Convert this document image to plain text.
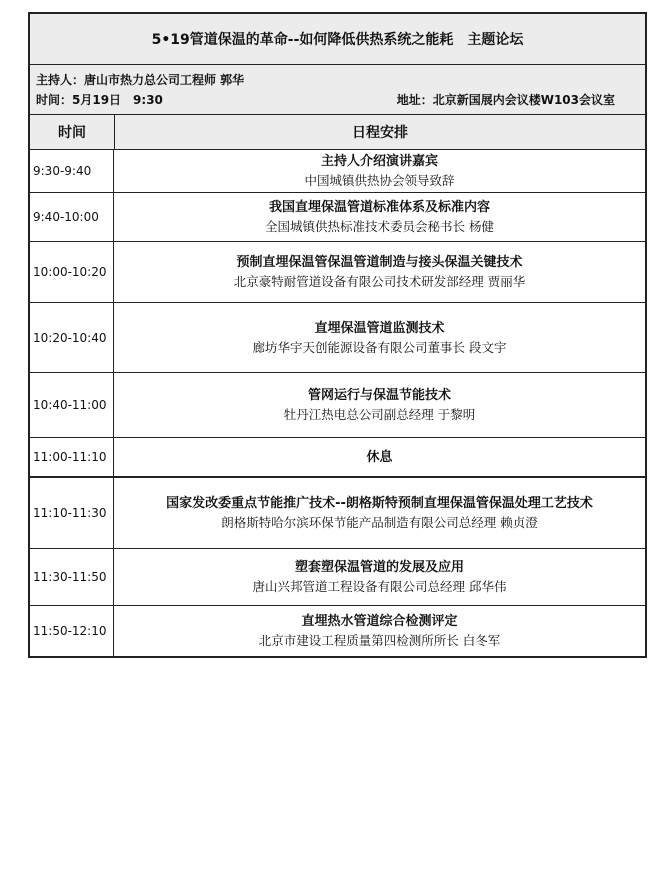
5•19管道保温的革命--如何降低供热系统之能耗　主题论坛
主持人：唐山市热力总公司工程师 郭华
时间：5月19日　9:30	地址：北京新国展内会议楼W103会议室
时间	日程安排
9:30-9:40
主持人介绍演讲嘉宾
中国城镇供热协会领导致辞
9:40-10:00
我国直埋保温管道标准体系及标准内容
全国城镇供热标准技术委员会秘书长 杨健
10:00-10:20
预制直埋保温管保温管道制造与接头保温关键技术
北京豪特耐管道设备有限公司技术研发部经理 贾丽华
10:20-10:40
直埋保温管道监测技术
廊坊华宇天创能源设备有限公司董事长 段文宇
10:40-11:00
管网运行与保温节能技术
牡丹江热电总公司副总经理 于黎明
11:00-11:10	休息
11:10-11:30
国家发改委重点节能推广技术--朗格斯特预制直埋保温管保温处理工艺技术
朗格斯特哈尔滨环保节能产品制造有限公司总经理 赖贞澄
11:30-11:50
塑套塑保温管道的发展及应用
唐山兴邦管道工程设备有限公司总经理 邱华伟
11:50-12:10
直埋热水管道综合检测评定
北京市建设工程质量第四检测所所长 白冬军
